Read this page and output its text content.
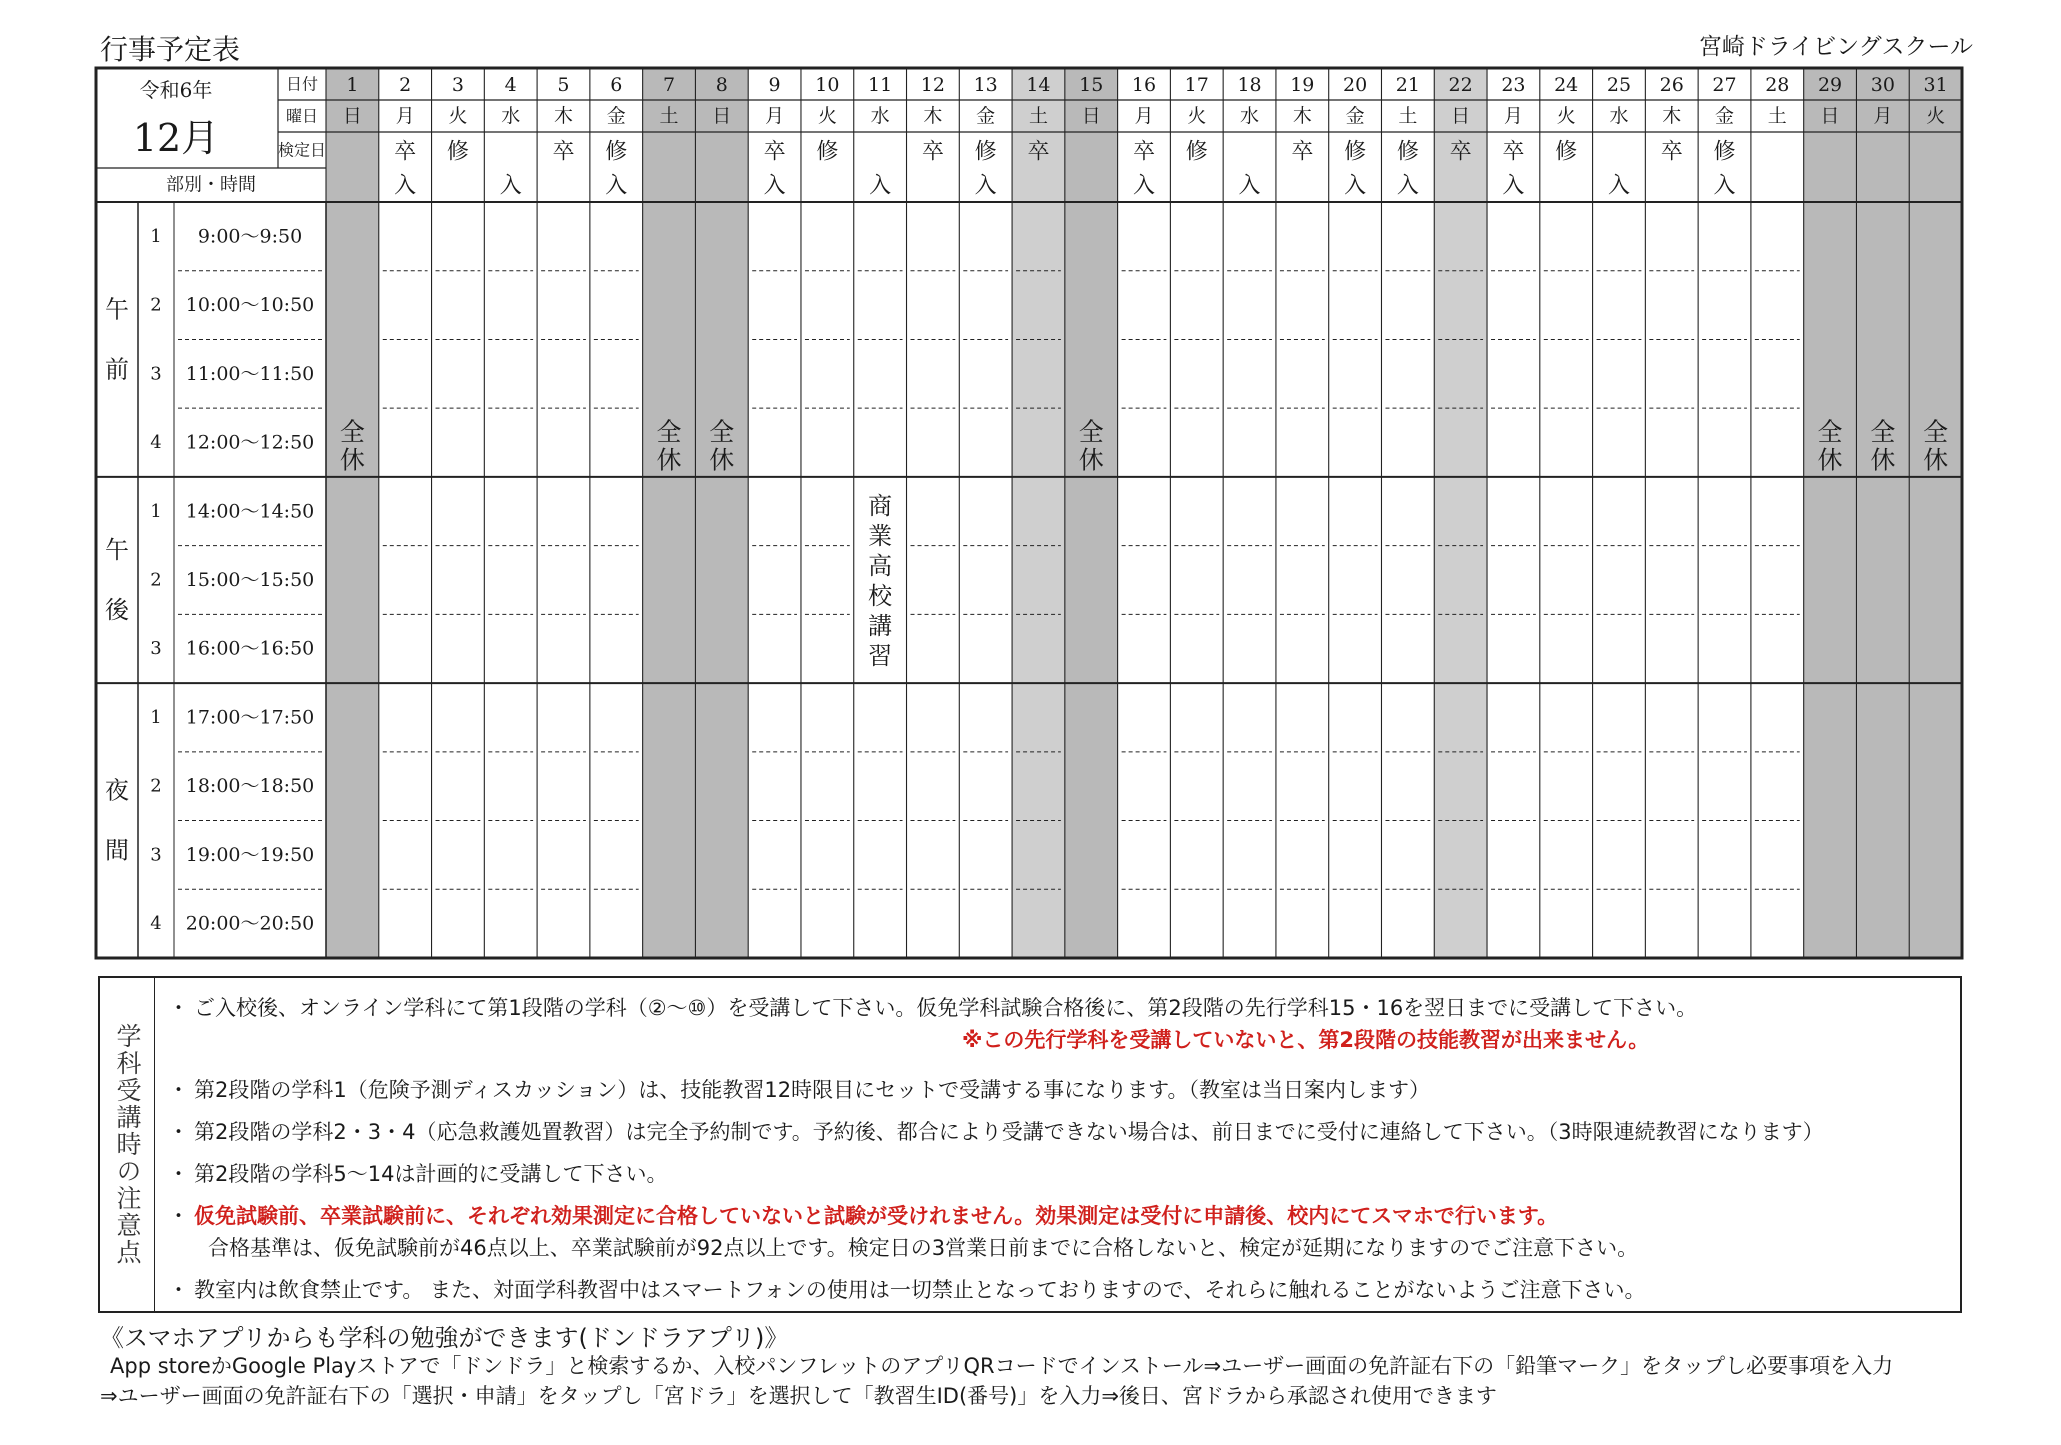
行事予定表	宮崎ドライビングスクール
令和6年
12月
日付
曜日
検定日
部別・時間
1
日
全
休
2
月
卒
入
3
火
修
4
水
入
5
木
卒
6
金
修
入
7
土
全
休
8
日
全
休
9
月
卒
入
10
火
修
11
水
入
12
木
卒
13
金
修
入
14
土
卒
15
日
全
休
16
月
卒
入
17
火
修
18
水
入
19
木
卒
20
金
修
入
21
土
修
入
22
日
卒
23
月
卒
入
24
火
修
25
水
入
26
木
卒
27
金
修
入
28
土
29
日
全
休
30
月
全
休
31
火
全
休
午
前
1 9:00～9:50
2 10:00～10:50
3 11:00～11:50
4 12:00～12:50
午
後
1 14:00～14:50
2 15:00～15:50
3 16:00～16:50
夜
間
1 17:00～17:50
2 18:00～18:50
3 19:00～19:50
4 20:00～20:50
商
業
高
校
講
習
学科受講時の注意点
・ ご入校後、オンライン学科にて第1段階の学科（②～⑩）を受講して下さい。仮免学科試験合格後に、第2段階の先行学科15・16を翌日までに受講して下さい。
※この先行学科を受講していないと、第2段階の技能教習が出来ません。
・ 第2段階の学科1（危険予測ディスカッション）は、技能教習12時限目にセットで受講する事になります。（教室は当日案内します）
・ 第2段階の学科2・3・4（応急救護処置教習）は完全予約制です。予約後、都合により受講できない場合は、前日までに受付に連絡して下さい。（3時限連続教習になります）
・ 第2段階の学科5～14は計画的に受講して下さい。
・ 仮免試験前、卒業試験前に、それぞれ効果測定に合格していないと試験が受けれません。効果測定は受付に申請後、校内にてスマホで行います。
合格基準は、仮免試験前が46点以上、卒業試験前が92点以上です。検定日の3営業日前までに合格しないと、検定が延期になりますのでご注意下さい。
・ 教室内は飲食禁止です。 また、対面学科教習中はスマートフォンの使用は一切禁止となっておりますので、それらに触れることがないようご注意下さい。
《スマホアプリからも学科の勉強ができます(ドンドラアプリ)》
App storeかGoogle Playストアで「ドンドラ」と検索するか、入校パンフレットのアプリQRコードでインストール⇒ユーザー画面の免許証右下の「鉛筆マーク」をタップし必要事項を入力
⇒ユーザー画面の免許証右下の「選択・申請」をタップし「宮ドラ」を選択して「教習生ID(番号)」を入力⇒後日、宮ドラから承認され使用できます
